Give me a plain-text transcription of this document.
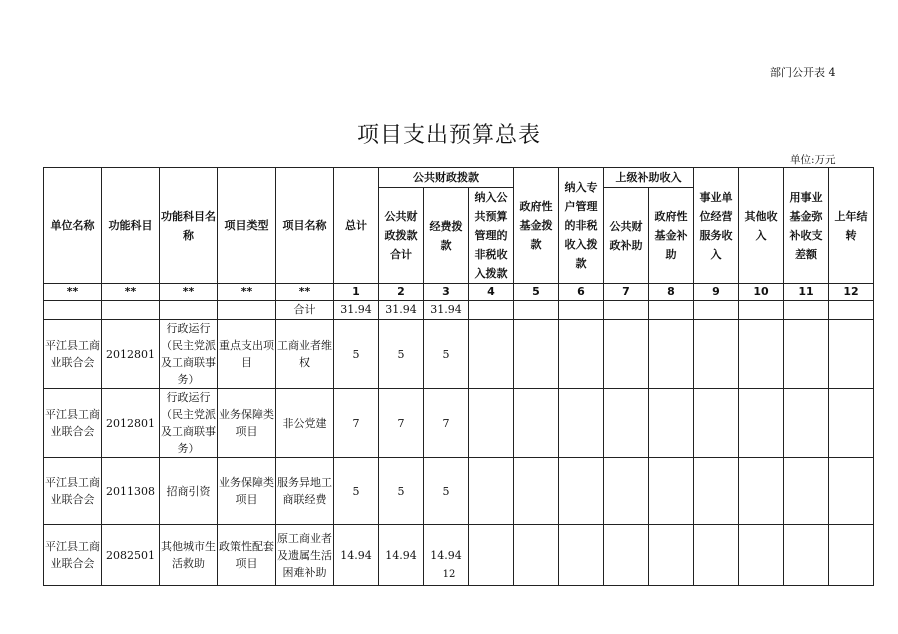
部门公开表 4
项目支出预算总表
单位:万元
单位名称	功能科目	功能科目名称	项目类型	项目名称	总计	公共财政拨款			政府性基金拨款	纳入专户管理的非税收入拨款	上级补助收入		事业单位经营服务收入	其他收入	用事业基金弥补收支差额	上年结转
						公共财政拨款合计	经费拨款	纳入公共预算管理的非税收入拨款			公共财政补助	政府性基金补助				
**	**	**	**	**	1	2	3	4	5	6	7	8	9	10	11	12
				合计	31.94	31.94	31.94									
平江县工商业联合会	2012801	行政运行（民主党派及工商联事务）	重点支出项目	工商业者维权	5	5	5									
平江县工商业联合会	2012801	行政运行（民主党派及工商联事务）	业务保障类项目	非公党建	7	7	7									
平江县工商业联合会	2011308	招商引资	业务保障类项目	服务异地工商联经费	5	5	5									
平江县工商业联合会	2082501	其他城市生活救助	政策性配套项目	原工商业者及遗属生活困难补助	14.94	14.94	14.94									
12
